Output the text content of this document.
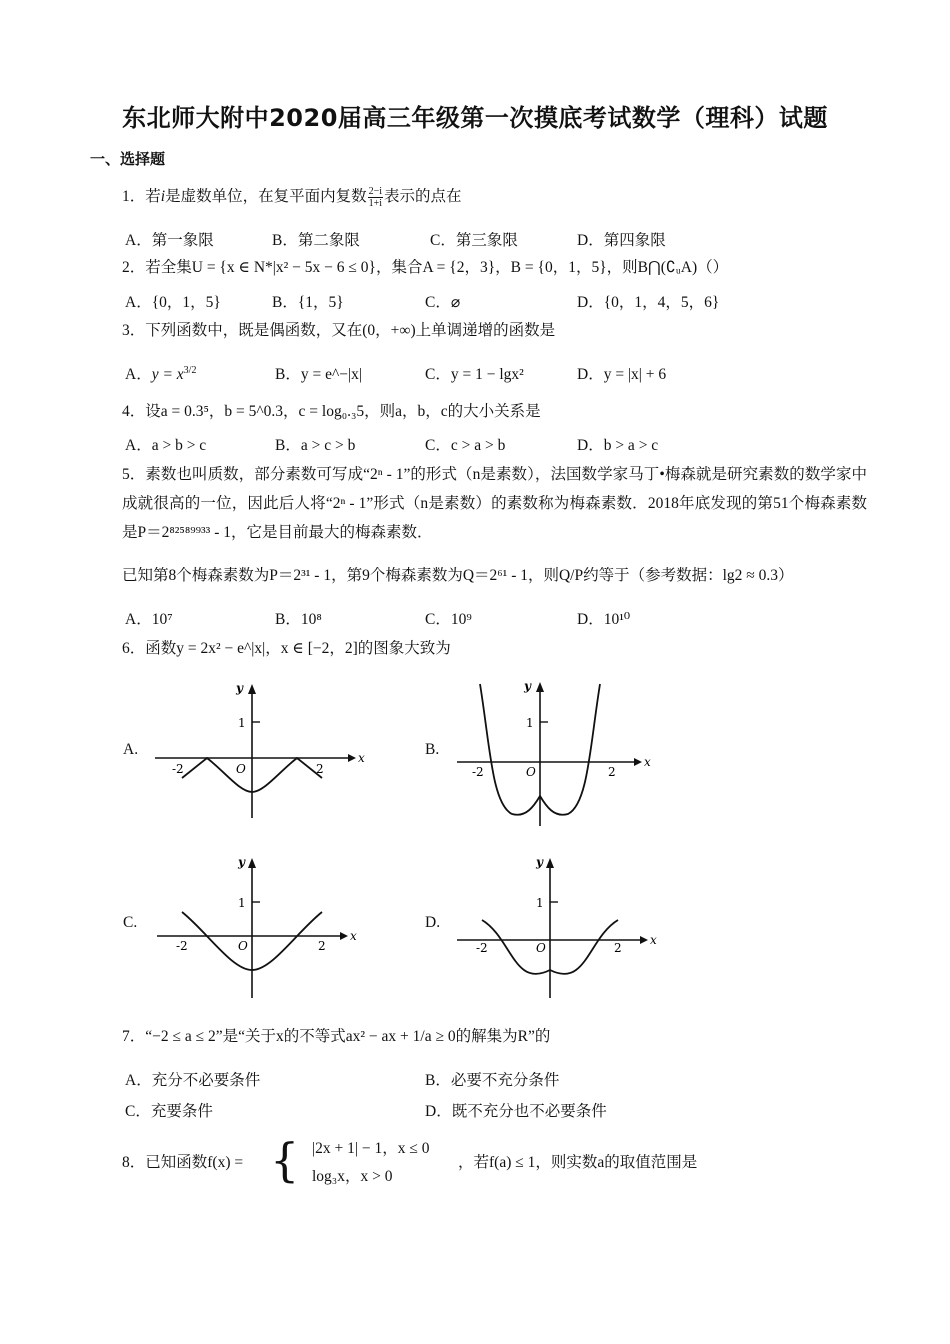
东北师大附中2020届高三年级第一次摸底考试数学（理科）试题
一、选择题
1．若i是虚数单位，在复平面内复数 $\frac{2-i}{1+i}$ 表示的点在
A．第一象限	B．第二象限	C．第三象限	D．第四象限
2．若全集U = {x ∈ N*|x² − 5x − 6 ≤ 0}，集合A = {2，3}，B = {0，1，5}，则B⋂(∁ᵤA)（）
A．{0，1，5}	B．{1，5}	C．⌀	D．{0，1，4，5，6}
3．下列函数中，既是偶函数，又在(0，+∞)上单调递增的函数是
A．$y = x^{3/2}$	B．y = e^−|x|	C．y = 1 − lgx²	D．y = |x| + 6
4．设a = 0.3⁵，b = 5^0.3，c = log₀.₃5，则a，b，c的大小关系是
A．a > b > c	B．a > c > b	C．c > a > b	D．b > a > c
5．素数也叫质数，部分素数可写成“2ⁿ - 1”的形式（n是素数），法国数学家马丁•梅森就是研究素数的数学家中成就很高的一位，因此后人将“2ⁿ - 1”形式（n是素数）的素数称为梅森素数．2018年底发现的第51个梅森素数是P＝2⁸²⁵⁸⁹⁹³³ - 1，它是目前最大的梅森素数．
已知第8个梅森素数为P＝2³¹ - 1，第9个梅森素数为Q＝2⁶¹ - 1，则Q/P约等于（参考数据：lg2 ≈ 0.3）
A．10⁷	B．10⁸	C．10⁹	D．10¹⁰
6．函数y = 2x² − e^|x|，x ∈ [−2，2]的图象大致为
A.	B.
C.	D.
y
x
1
-2	2
O
y
x
1
-2	2
O
y
x
1
-2	2
O
y
x
1
-2	2
O
7．“−2 ≤ a ≤ 2”是“关于x的不等式ax² − ax + 1/a ≥ 0的解集为R”的
A．充分不必要条件	B．必要不充分条件
C．充要条件	D．既不充分也不必要条件
8．已知函数f(x) = { |2x + 1| − 1，x ≤ 0
log₃x，x > 0
，若f(a) ≤ 1，则实数a的取值范围是
